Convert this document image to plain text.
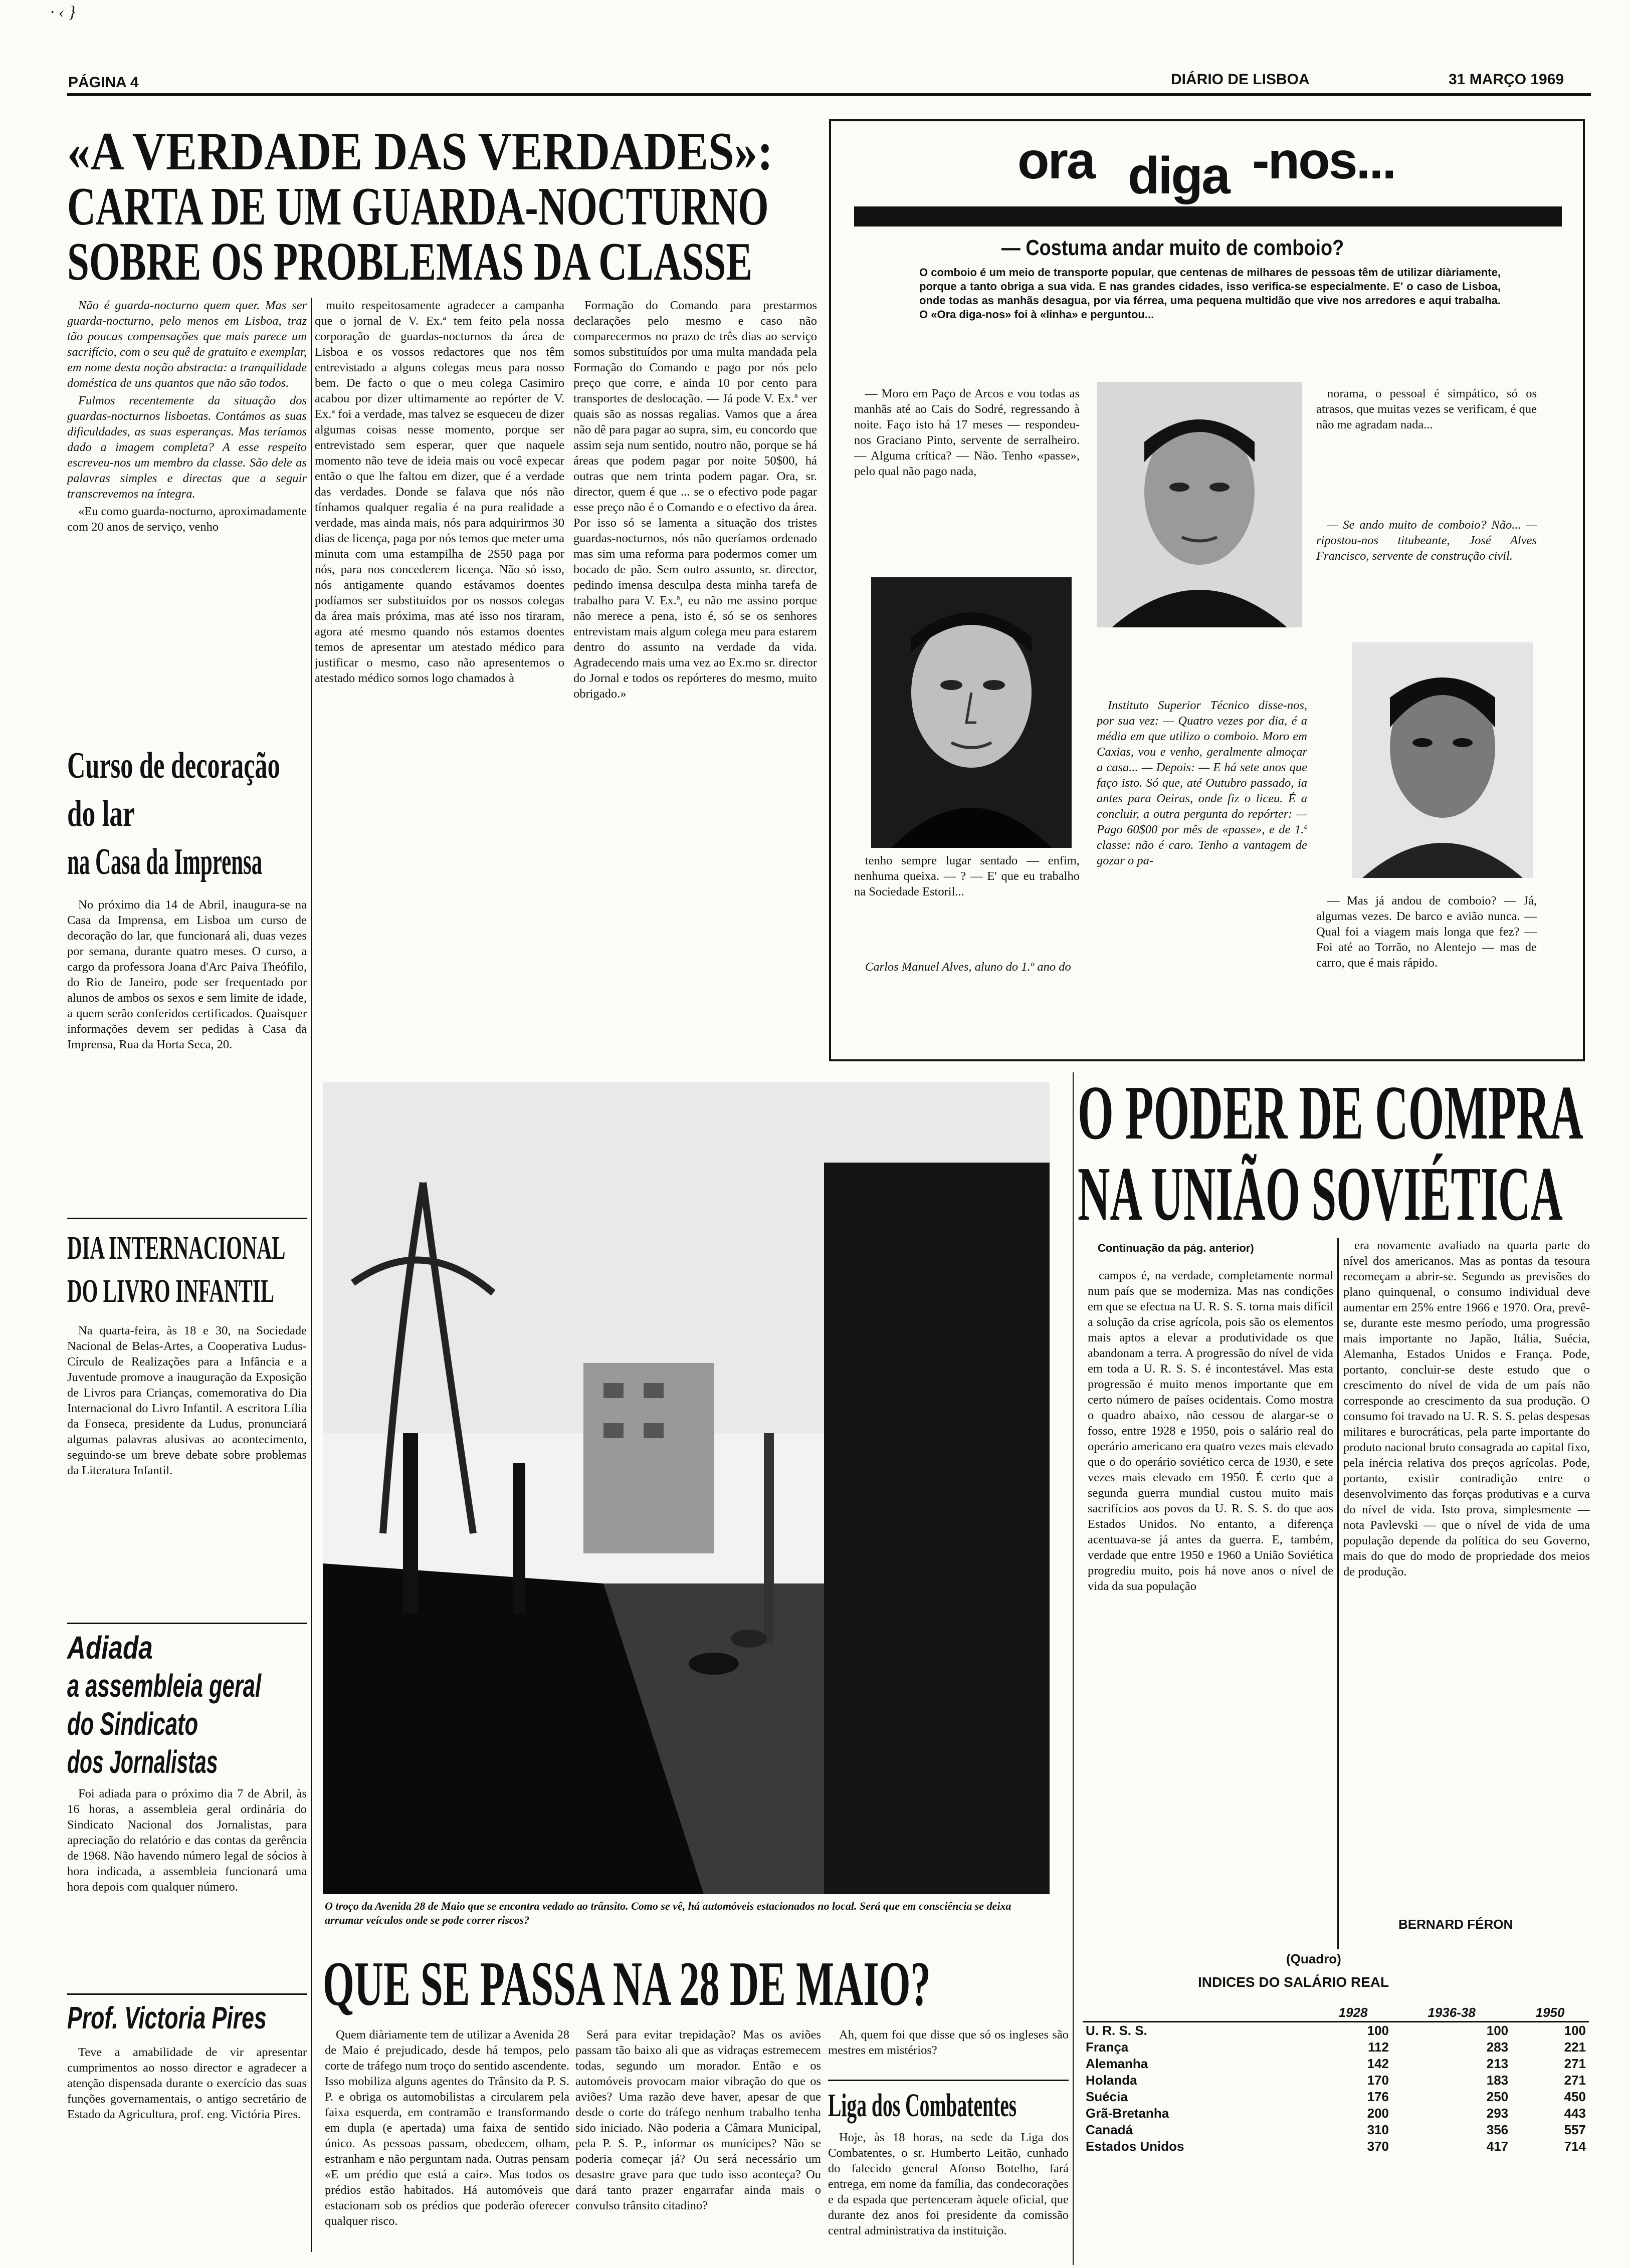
· ‹ }
PÁGINA 4	DIÁRIO DE LISBOA	31 MARÇO 1969
«A VERDADE DAS VERDADES»:
CARTA DE UM GUARDA-NOCTURNO
SOBRE OS PROBLEMAS DA CLASSE

Não é guarda-nocturno quem quer. Mas ser guarda-nocturno, pelo menos em Lisboa, traz tão poucas compensações que mais parece um sacrifício, com o seu quê de gratuito e exemplar, em nome desta noção abstracta: a tranquilidade doméstica de uns quantos que não são todos.

Fulmos recentemente da situação dos guardas-nocturnos lisboetas. Contámos as suas dificuldades, as suas esperanças. Mas teríamos dado a imagem completa? A esse respeito escreveu-nos um membro da classe. São dele as palavras simples e directas que a seguir transcrevemos na íntegra.

«Eu como guarda-nocturno, aproximadamente com 20 anos de serviço, venho

muito respeitosamente agradecer a campanha que o jornal de V. Ex.ª tem feito pela nossa corporação de guardas-nocturnos da área de Lisboa e os vossos redactores que nos têm entrevistado a alguns colegas meus para nosso bem. De facto o que o meu colega Casimiro acabou por dizer ultimamente ao repórter de V. Ex.ª foi a verdade, mas talvez se esqueceu de dizer algumas coisas nesse momento, porque ser entrevistado sem esperar, quer que naquele momento não teve de ideia mais ou você expecar então o que lhe faltou em dizer, que é a verdade das verdades. Donde se falava que nós não tínhamos qualquer regalia é na pura realidade a verdade, mas ainda mais, nós para adquirirmos 30 dias de licença, paga por nós temos que meter uma minuta com uma estampilha de 2$50 paga por nós, para nos concederem licença. Não só isso, nós antigamente quando estávamos doentes podíamos ser substituídos por os nossos colegas da área mais próxima, mas até isso nos tiraram, agora até mesmo quando nós estamos doentes temos de apresentar um atestado médico para justificar o mesmo, caso não apresentemos o atestado médico somos logo chamados à

Formação do Comando para prestarmos declarações pelo mesmo e caso não comparecermos no prazo de três dias ao serviço somos substituídos por uma multa mandada pela Formação do Comando e pago por nós pelo preço que corre, e ainda 10 por cento para transportes de deslocação. — Já pode V. Ex.ª ver quais são as nossas regalias. Vamos que a área não dê para pagar ao supra, sim, eu concordo que assim seja num sentido, noutro não, porque se há áreas que podem pagar por noite 50$00, há outras que nem trinta podem pagar. Ora, sr. director, quem é que ... se o efectivo pode pagar esse preço não é o Comando e o efectivo da área. Por isso só se lamenta a situação dos tristes guardas-nocturnos, nós não queríamos ordenado mas sim uma reforma para podermos comer um bocado de pão. Sem outro assunto, sr. director, pedindo imensa desculpa desta minha tarefa de trabalho para V. Ex.ª, eu não me assino porque não merece a pena, isto é, só se os senhores entrevistam mais algum colega meu para estarem dentro do assunto na verdade da vida. Agradecendo mais uma vez ao Ex.mo sr. director do Jornal e todos os repórteres do mesmo, muito obrigado.»

Curso de decoração
do lar
na Casa da Imprensa

No próximo dia 14 de Abril, inaugura-se na Casa da Imprensa, em Lisboa um curso de decoração do lar, que funcionará ali, duas vezes por semana, durante quatro meses. O curso, a cargo da professora Joana d'Arc Paiva Theófilo, do Rio de Janeiro, pode ser frequentado por alunos de ambos os sexos e sem limite de idade, a quem serão conferidos certificados. Quaisquer informações devem ser pedidas à Casa da Imprensa, Rua da Horta Seca, 20.

DIA INTERNACIONAL
DO LIVRO INFANTIL

Na quarta-feira, às 18 e 30, na Sociedade Nacional de Belas-Artes, a Cooperativa Ludus-Círculo de Realizações para a Infância e a Juventude promove a inauguração da Exposição de Livros para Crianças, comemorativa do Dia Internacional do Livro Infantil. A escritora Lília da Fonseca, presidente da Ludus, pronunciará algumas palavras alusivas ao acontecimento, seguindo-se um breve debate sobre problemas da Literatura Infantil.

Adiada
a assembleia geral
do Sindicato
dos Jornalistas

Foi adiada para o próximo dia 7 de Abril, às 16 horas, a assembleia geral ordinária do Sindicato Nacional dos Jornalistas, para apreciação do relatório e das contas da gerência de 1968. Não havendo número legal de sócios à hora indicada, a assembleia funcionará uma hora depois com qualquer número.

Prof. Victoria Pires

Teve a amabilidade de vir apresentar cumprimentos ao nosso director e agradecer a atenção dispensada durante o exercício das suas funções governamentais, o antigo secretário de Estado da Agricultura, prof. eng. Victória Pires.

ora diga -nos...
— Costuma andar muito de comboio?
O comboio é um meio de transporte popular, que centenas de milhares de pessoas têm de utilizar diàriamente, porque a tanto obriga a sua vida. E nas grandes cidades, isso verifica-se especialmente. E' o caso de Lisboa, onde todas as manhãs desagua, por via férrea, uma pequena multidão que vive nos arredores e aqui trabalha. O «Ora diga-nos» foi à «linha» e perguntou...

— Moro em Paço de Arcos e vou todas as manhãs até ao Cais do Sodré, regressando à noite. Faço isto há 17 meses — respondeu-nos Graciano Pinto, servente de serralheiro. — Alguma crítica? — Não. Tenho «passe», pelo qual não pago nada,

tenho sempre lugar sentado — enfim, nenhuma queixa. — ? — E' que eu trabalho na Sociedade Estoril...

Carlos Manuel Alves, aluno do 1.º ano do

Instituto Superior Técnico disse-nos, por sua vez: — Quatro vezes por dia, é a média em que utilizo o comboio. Moro em Caxias, vou e venho, geralmente almoçar a casa... — Depois: — E há sete anos que faço isto. Só que, até Outubro passado, ia antes para Oeiras, onde fiz o liceu. É a concluir, a outra pergunta do repórter: — Pago 60$00 por mês de «passe», e de 1.ª classe: não é caro. Tenho a vantagem de gozar o pa-

norama, o pessoal é simpático, só os atrasos, que muitas vezes se verificam, é que não me agradam nada...

— Se ando muito de comboio? Não... — ripostou-nos titubeante, José Alves Francisco, servente de construção civil.

— Mas já andou de comboio? — Já, algumas vezes. De barco e avião nunca. — Qual foi a viagem mais longa que fez? — Foi até ao Torrão, no Alentejo — mas de carro, que é mais rápido.

O troço da Avenida 28 de Maio que se encontra vedado ao trânsito. Como se vê, há automóveis estacionados no local. Será que em consciência se deixa arrumar veículos onde se pode correr riscos?
QUE SE PASSA NA 28 DE MAIO?

Quem diàriamente tem de utilizar a Avenida 28 de Maio é prejudicado, desde há tempos, pelo corte de tráfego num troço do sentido ascendente. Isso mobiliza alguns agentes do Trânsito da P. S. P. e obriga os automobilistas a circularem pela faixa esquerda, em contramão e transformando em dupla (e apertada) uma faixa de sentido único. As pessoas passam, obedecem, olham, estranham e não perguntam nada. Outras pensam «E um prédio que está a cair». Mas todos os prédios estão habitados. Há automóveis que estacionam sob os prédios que poderão oferecer qualquer risco.

Será para evitar trepidação? Mas os aviões passam tão baixo ali que as vidraças estremecem todas, segundo um morador. Então e os automóveis provocam maior vibração do que os aviões? Uma razão deve haver, apesar de que desde o corte do tráfego nenhum trabalho tenha sido iniciado. Não poderia a Câmara Municipal, pela P. S. P., informar os munícipes? Não se poderia começar já? Ou será necessário um desastre grave para que tudo isso aconteça? Ou dará tanto prazer engarrafar ainda mais o convulso trânsito citadino?

Ah, quem foi que disse que só os ingleses são mestres em mistérios?

Liga dos Combatentes

Hoje, às 18 horas, na sede da Liga dos Combatentes, o sr. Humberto Leitão, cunhado do falecido general Afonso Botelho, fará entrega, em nome da família, das condecorações e da espada que pertenceram àquele oficial, que durante dez anos foi presidente da comissão central administrativa da instituição.

O PODER DE COMPRA
NA UNIÃO SOVIÉTICA
Continuação da pág. anterior)

campos é, na verdade, completamente normal num país que se moderniza. Mas nas condições em que se efectua na U. R. S. S. torna mais difícil a solução da crise agrícola, pois são os elementos mais aptos a elevar a produtividade os que abandonam a terra. A progressão do nível de vida em toda a U. R. S. S. é incontestável. Mas esta progressão é muito menos importante que em certo número de países ocidentais. Como mostra o quadro abaixo, não cessou de alargar-se o fosso, entre 1928 e 1950, pois o salário real do operário americano era quatro vezes mais elevado que o do operário soviético cerca de 1930, e sete vezes mais elevado em 1950. É certo que a segunda guerra mundial custou muito mais sacrifícios aos povos da U. R. S. S. do que aos Estados Unidos. No entanto, a diferença acentuava-se já antes da guerra. E, também, verdade que entre 1950 e 1960 a União Soviética progrediu muito, pois há nove anos o nível de vida da sua população

era novamente avaliado na quarta parte do nível dos americanos. Mas as pontas da tesoura recomeçam a abrir-se. Segundo as previsões do plano quinquenal, o consumo individual deve aumentar em 25% entre 1966 e 1970. Ora, prevê-se, durante este mesmo período, uma progressão mais importante no Japão, Itália, Suécia, Alemanha, Estados Unidos e França. Pode, portanto, concluir-se deste estudo que o crescimento do nível de vida de um país não corresponde ao crescimento da sua produção. O consumo foi travado na U. R. S. S. pelas despesas militares e burocráticas, pela parte importante do produto nacional bruto consagrada ao capital fixo, pela inércia relativa dos preços agrícolas. Pode, portanto, existir contradição entre o desenvolvimento das forças produtivas e a curva do nível de vida. Isto prova, simplesmente — nota Pavlevski — que o nível de vida de uma população depende da política do seu Governo, mais do que do modo de propriedade dos meios de produção.

BERNARD FÉRON
(Quadro)
INDICES DO SALÁRIO REAL
	1928	1936-38	1950
U. R. S. S.	100	100	100
França	112	283	221
Alemanha	142	213	271
Holanda	170	183	271
Suécia	176	250	450
Grã-Bretanha	200	293	443
Canadá	310	356	557
Estados Unidos	370	417	714
